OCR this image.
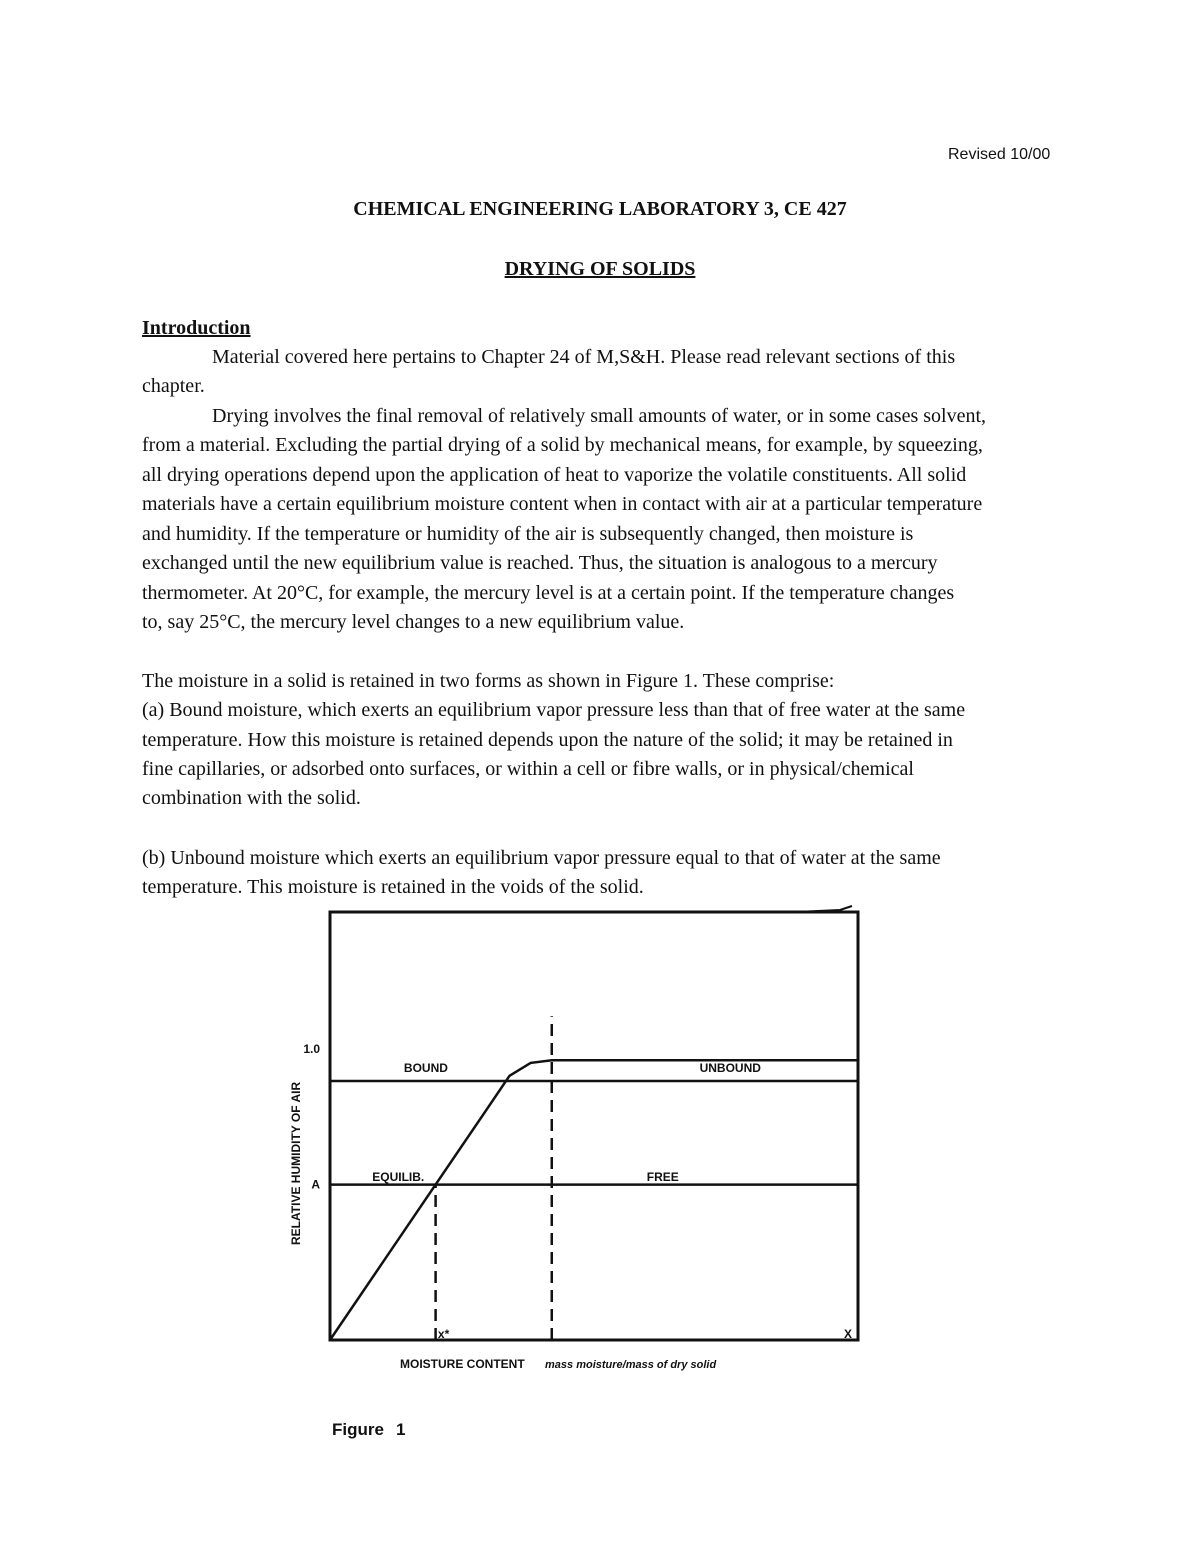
Revised 10/00
CHEMICAL ENGINEERING LABORATORY 3, CE 427
DRYING OF SOLIDS
Introduction
Material covered here pertains to Chapter 24 of M,S&H. Please read relevant sections of this
chapter.
Drying involves the final removal of relatively small amounts of water, or in some cases solvent,
from a material. Excluding the partial drying of a solid by mechanical means, for example, by squeezing,
all drying operations depend upon the application of heat to vaporize the volatile constituents. All solid
materials have a certain equilibrium moisture content when in contact with air at a particular temperature
and humidity. If the temperature or humidity of the air is subsequently changed, then moisture is
exchanged until the new equilibrium value is reached. Thus, the situation is analogous to a mercury
thermometer. At 20°C, for example, the mercury level is at a certain point. If the temperature changes
to, say 25°C, the mercury level changes to a new equilibrium value.
The moisture in a solid is retained in two forms as shown in Figure 1. These comprise:
(a) Bound moisture, which exerts an equilibrium vapor pressure less than that of free water at the same
temperature. How this moisture is retained depends upon the nature of the solid; it may be retained in
fine capillaries, or adsorbed onto surfaces, or within a cell or fibre walls, or in physical/chemical
combination with the solid.
(b) Unbound moisture which exerts an equilibrium vapor pressure equal to that of water at the same
temperature. This moisture is retained in the voids of the solid.
BOUND	UNBOUND
EQUILIB.	FREE
A
1.0
x*	X
RELATIVE HUMIDITY OF AIR
MOISTURE CONTENT mass moisture/mass of dry solid
Figure 1
